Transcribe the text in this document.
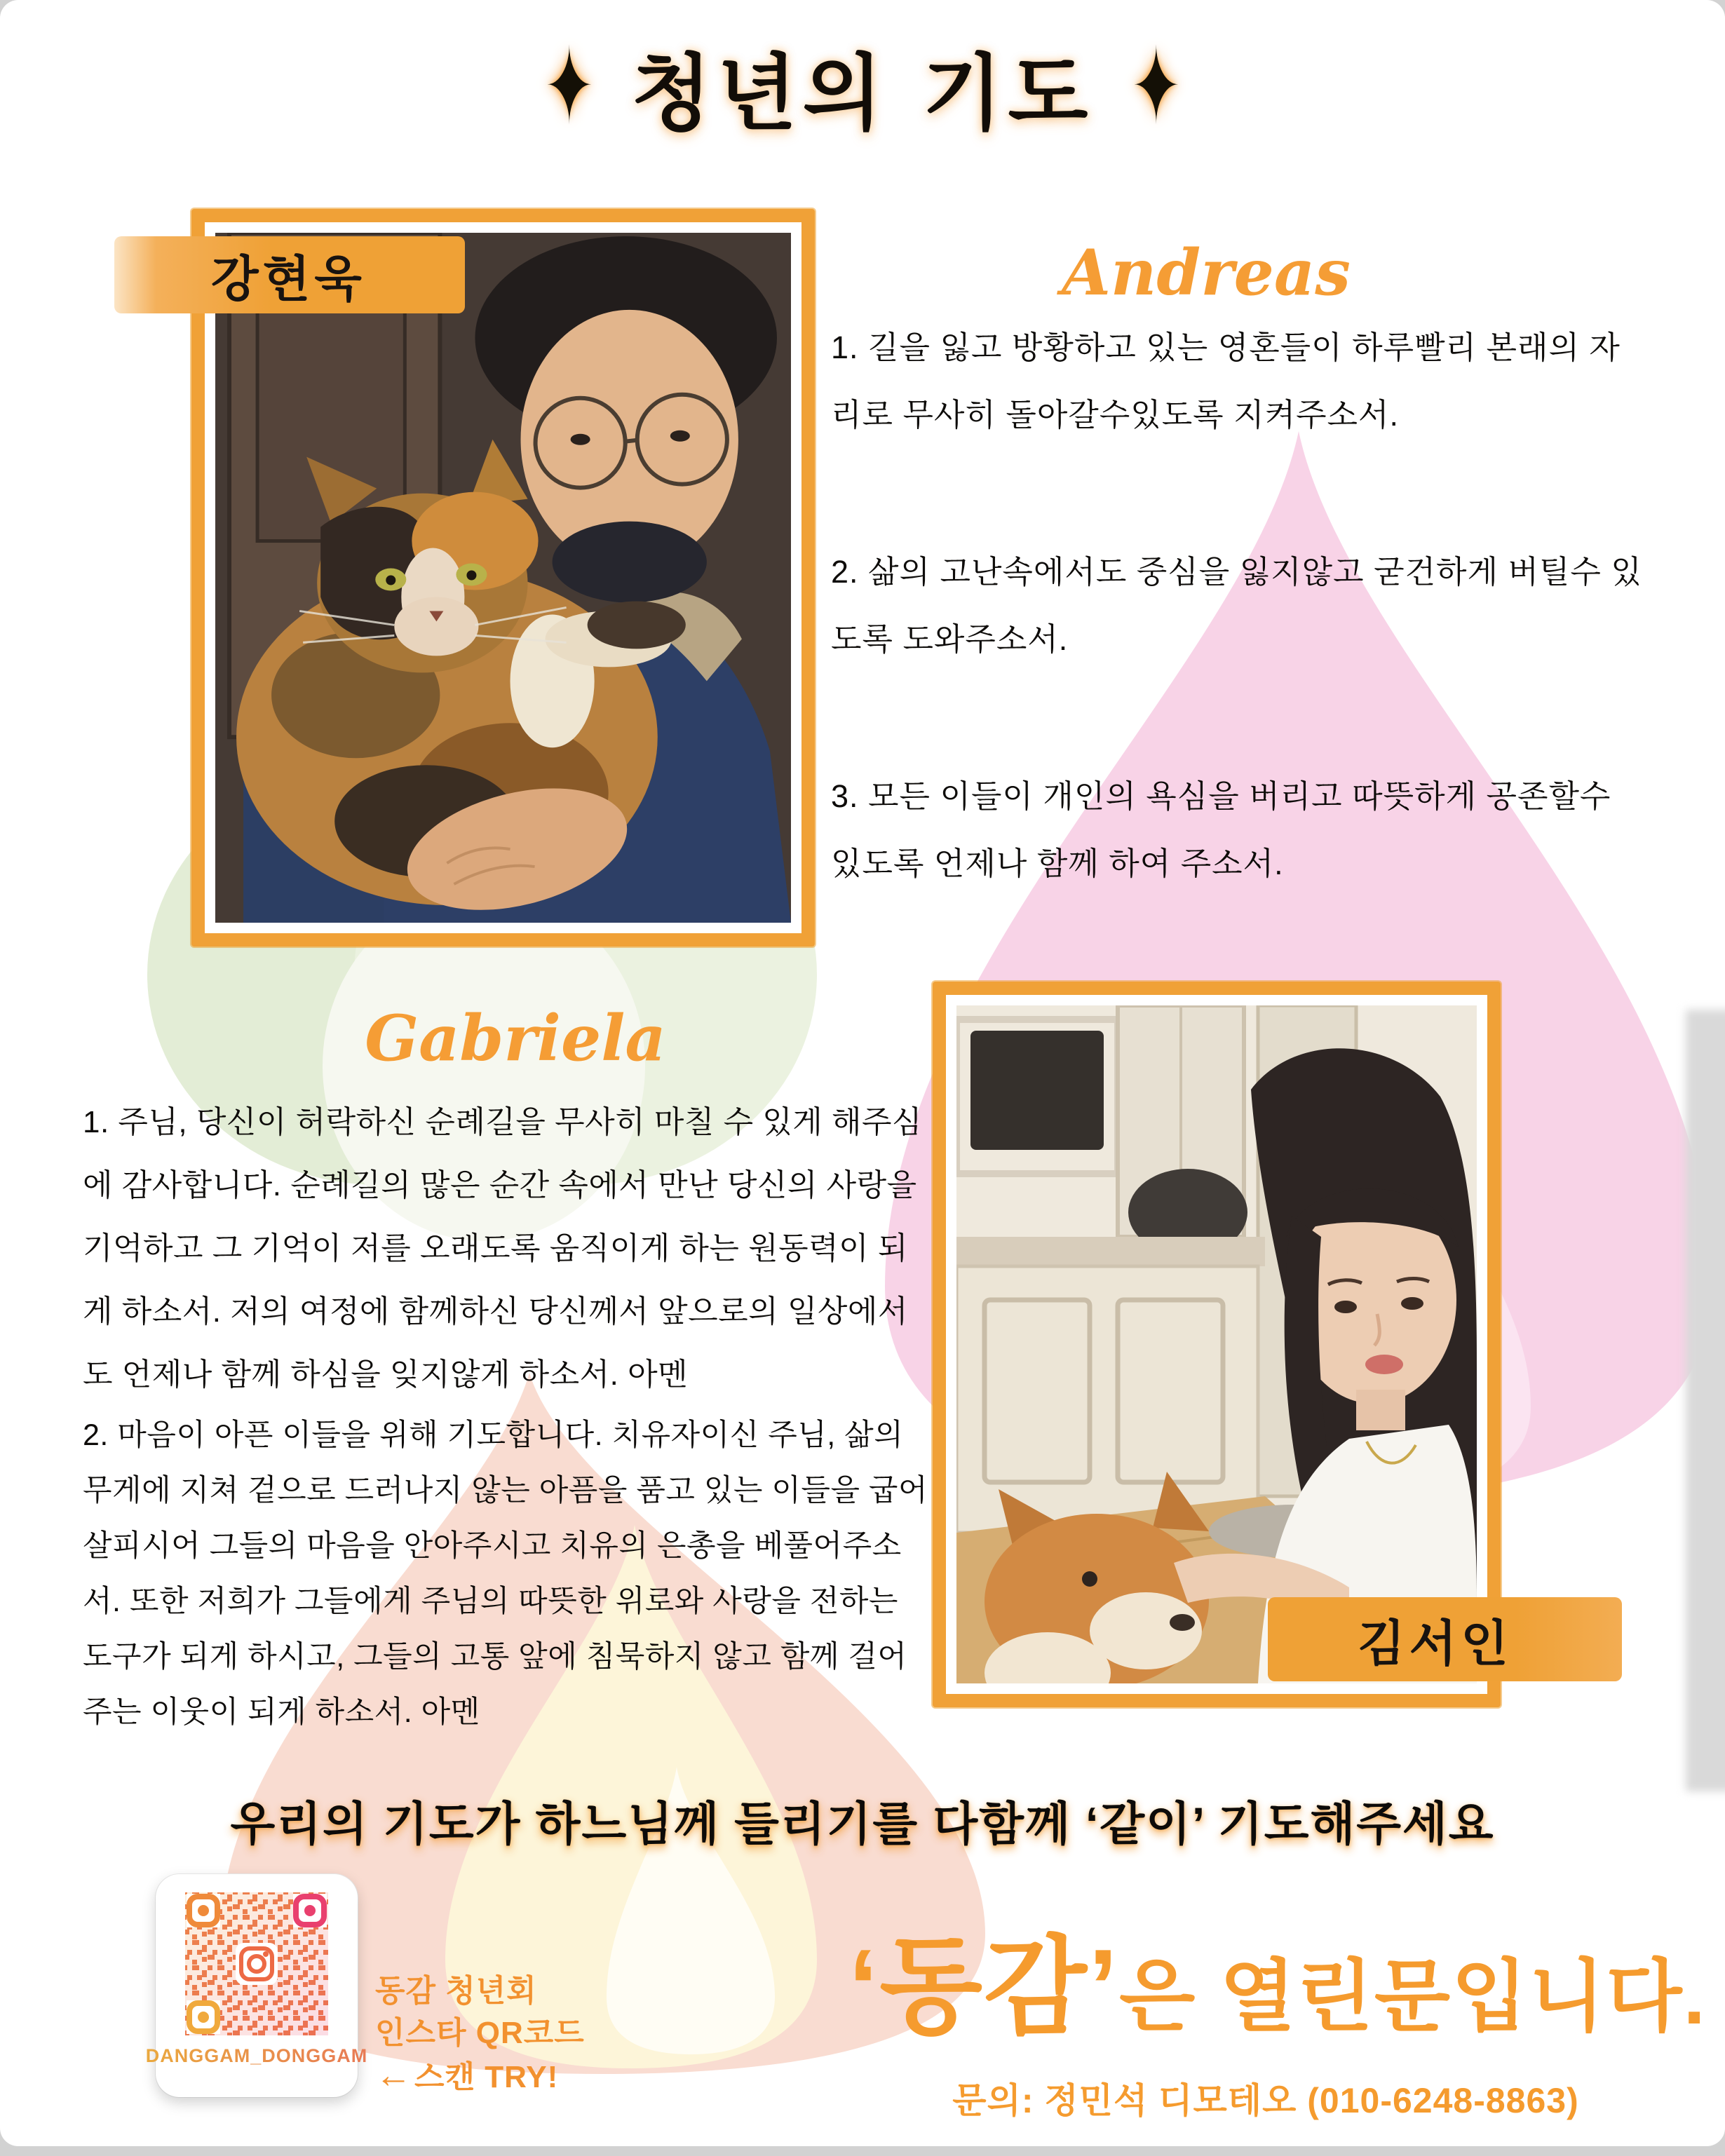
✦ 청년의 기도 ✦
강현욱	Andreas

1. 길을 잃고 방황하고 있는 영혼들이 하루빨리 본래의 자리로 무사히 돌아갈수있도록 지켜주소서.

2. 삶의 고난속에서도 중심을 잃지않고 굳건하게 버틸수 있도록 도와주소서.

3. 모든 이들이 개인의 욕심을 버리고 따뜻하게 공존할수 있도록 언제나 함께 하여 주소서.

Gabriela

1. 주님, 당신이 허락하신 순례길을 무사히 마칠 수 있게 해주심에 감사합니다. 순례길의 많은 순간 속에서 만난 당신의 사랑을 기억하고 그 기억이 저를 오래도록 움직이게 하는 원동력이 되게 하소서. 저의 여정에 함께하신 당신께서 앞으로의 일상에서도 언제나 함께 하심을 잊지않게 하소서. 아멘

2. 마음이 아픈 이들을 위해 기도합니다. 치유자이신 주님, 삶의 무게에 지쳐 겉으로 드러나지 않는 아픔을 품고 있는 이들을 굽어 살피시어 그들의 마음을 안아주시고 치유의 은총을 베풀어주소서. 또한 저희가 그들에게 주님의 따뜻한 위로와 사랑을 전하는 도구가 되게 하시고, 그들의 고통 앞에 침묵하지 않고 함께 걸어주는 이웃이 되게 하소서. 아멘

김서인
우리의 기도가 하느님께 들리기를 다함께 ‘같이’ 기도해주세요
DANGGAM_DONGGAM
동감 청년회
인스타 QR코드
← 스캔 TRY!
‘동감’은 열린문입니다.
문의: 정민석 디모테오 (010-6248-8863)
